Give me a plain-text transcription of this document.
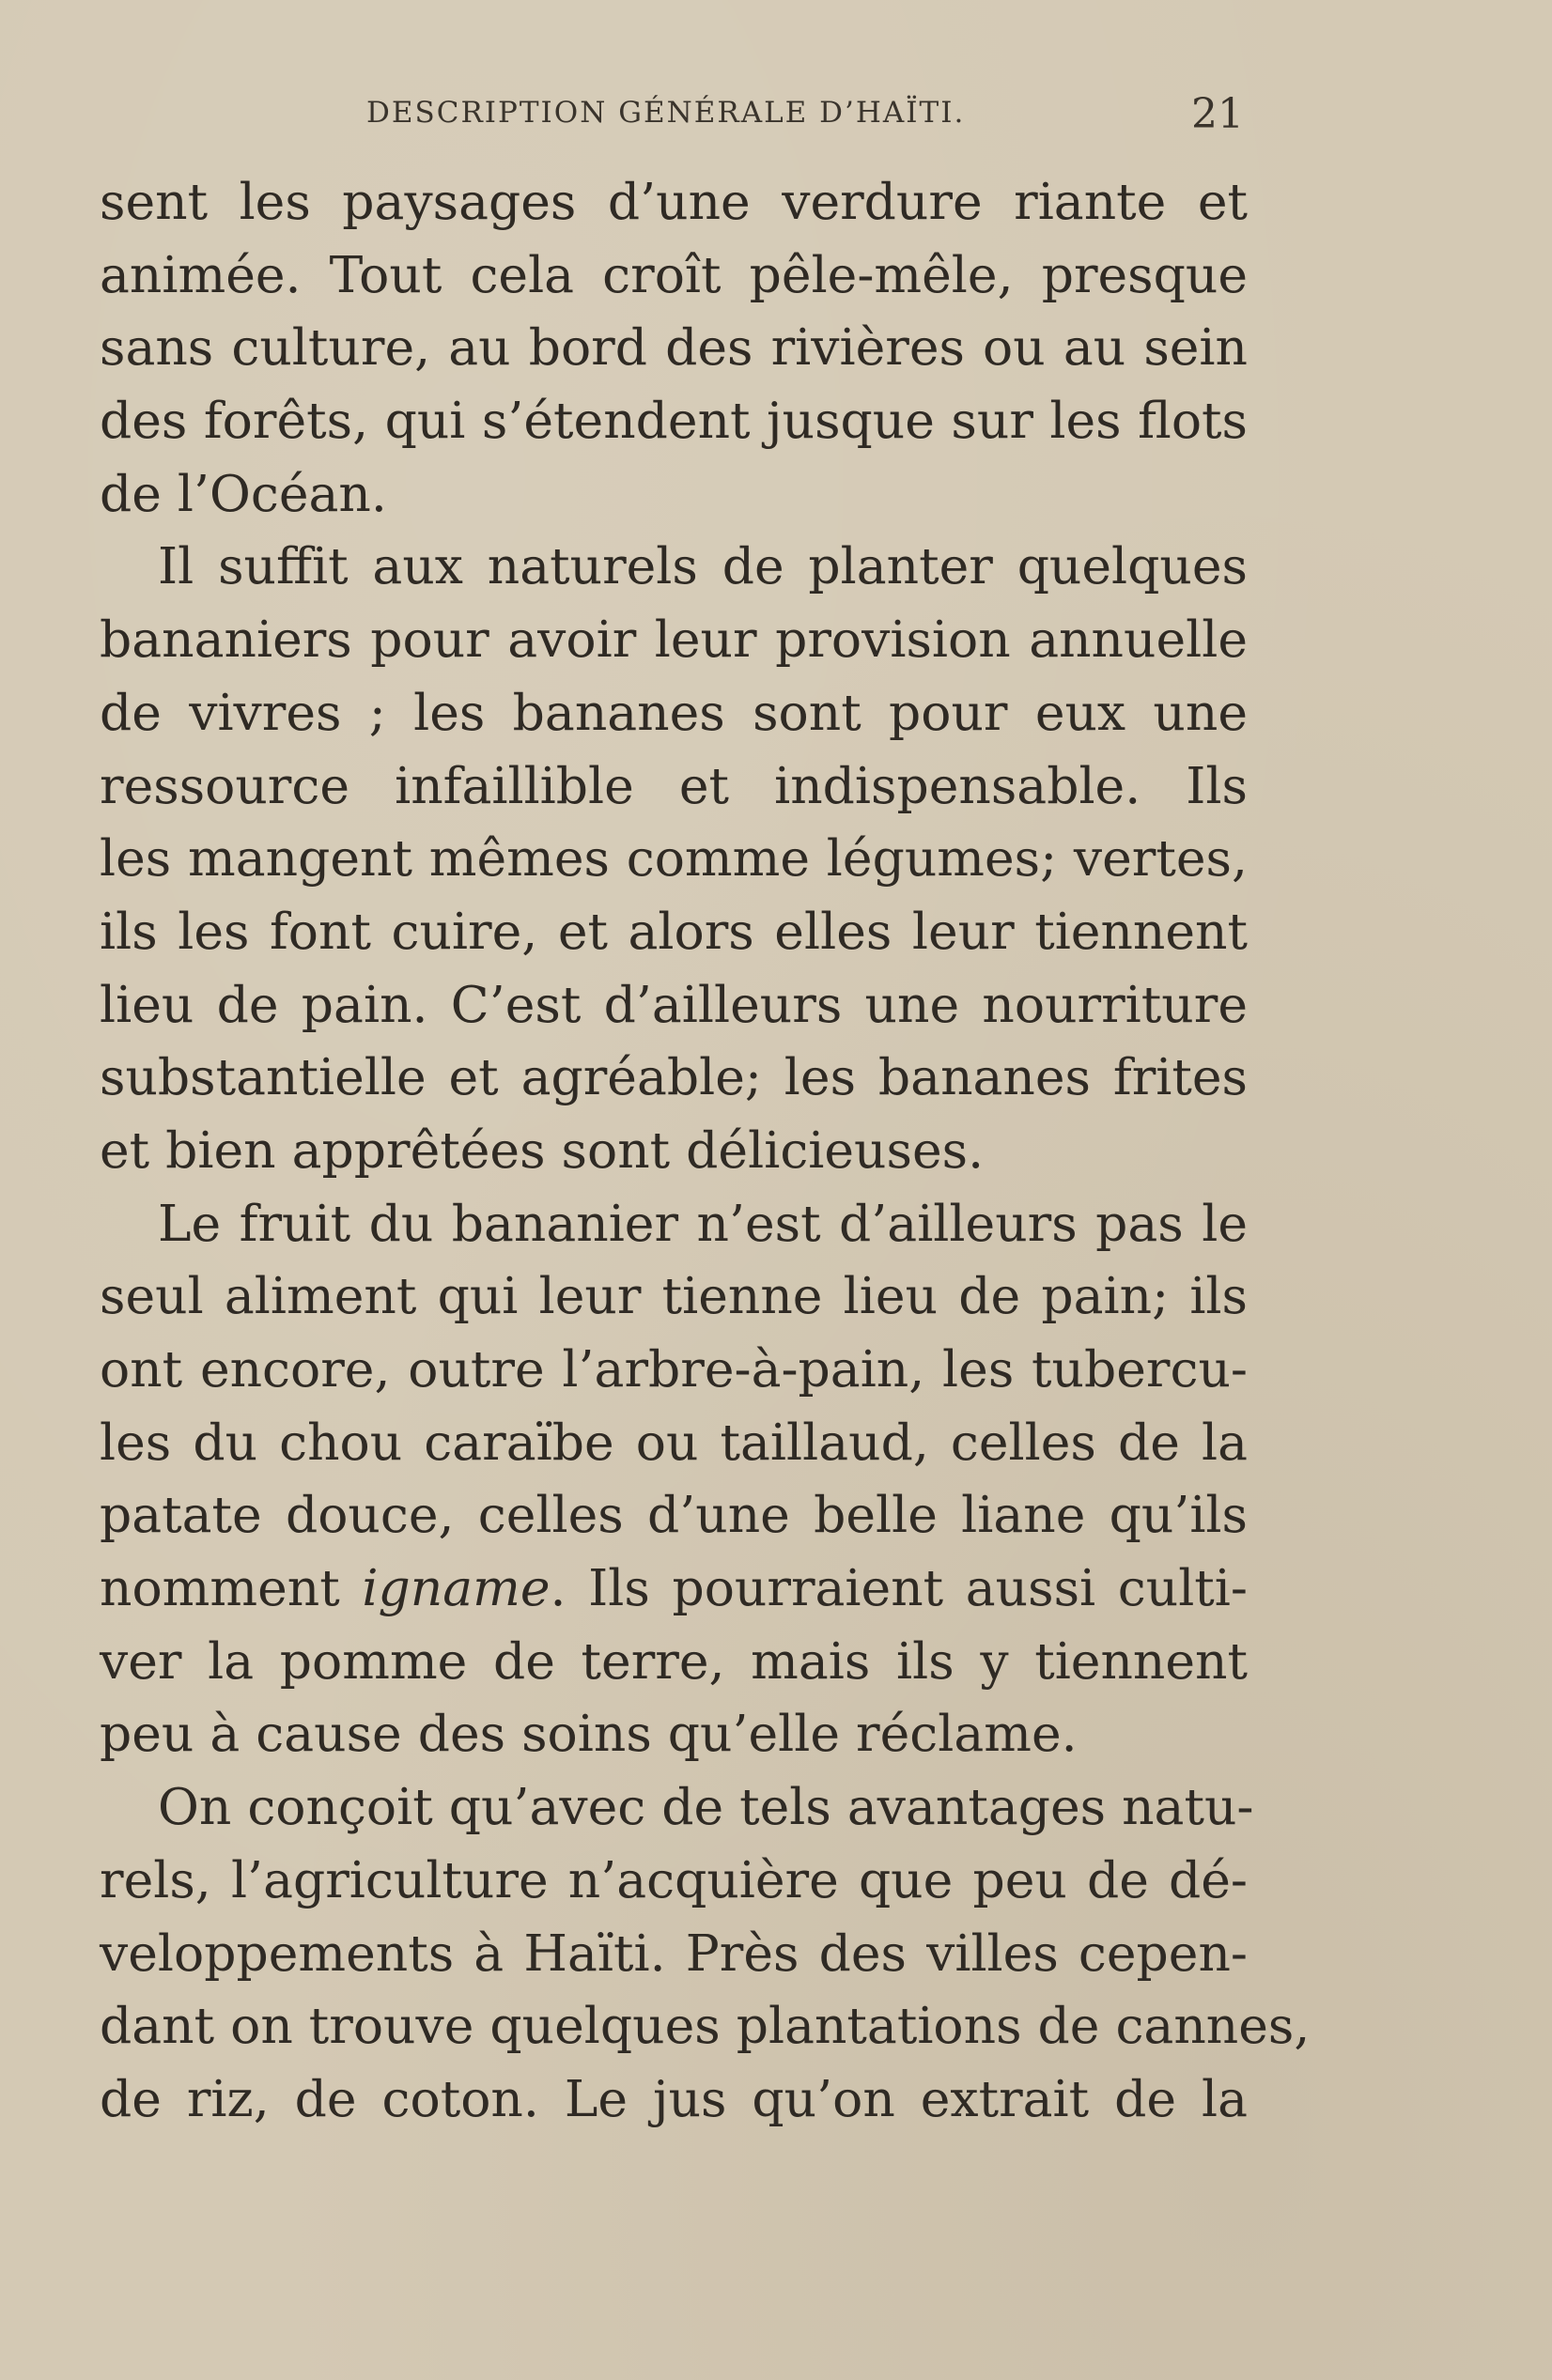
DESCRIPTION GÉNÉRALE D’HAÏTI.	21
sent les paysages d’une verdure riante et
animée. Tout cela croît pêle-mêle, presque
sans culture, au bord des rivières ou au sein
des forêts, qui s’étendent jusque sur les flots
de l’Océan.
Il suffit aux naturels de planter quelques
bananiers pour avoir leur provision annuelle
de vivres ; les bananes sont pour eux une
ressource infaillible et indispensable. Ils
les mangent mêmes comme légumes; vertes,
ils les font cuire, et alors elles leur tiennent
lieu de pain. C’est d’ailleurs une nourriture
substantielle et agréable; les bananes frites
et bien apprêtées sont délicieuses.
Le fruit du bananier n’est d’ailleurs pas le
seul aliment qui leur tienne lieu de pain; ils
ont encore, outre l’arbre-à-pain, les tubercu-
les du chou caraïbe ou taillaud, celles de la
patate douce, celles d’une belle liane qu’ils
nomment igname. Ils pourraient aussi culti-
ver la pomme de terre, mais ils y tiennent
peu à cause des soins qu’elle réclame.
On conçoit qu’avec de tels avantages natu-
rels, l’agriculture n’acquière que peu de dé-
veloppements à Haïti. Près des villes cepen-
dant on trouve quelques plantations de cannes,
de riz, de coton. Le jus qu’on extrait de la
